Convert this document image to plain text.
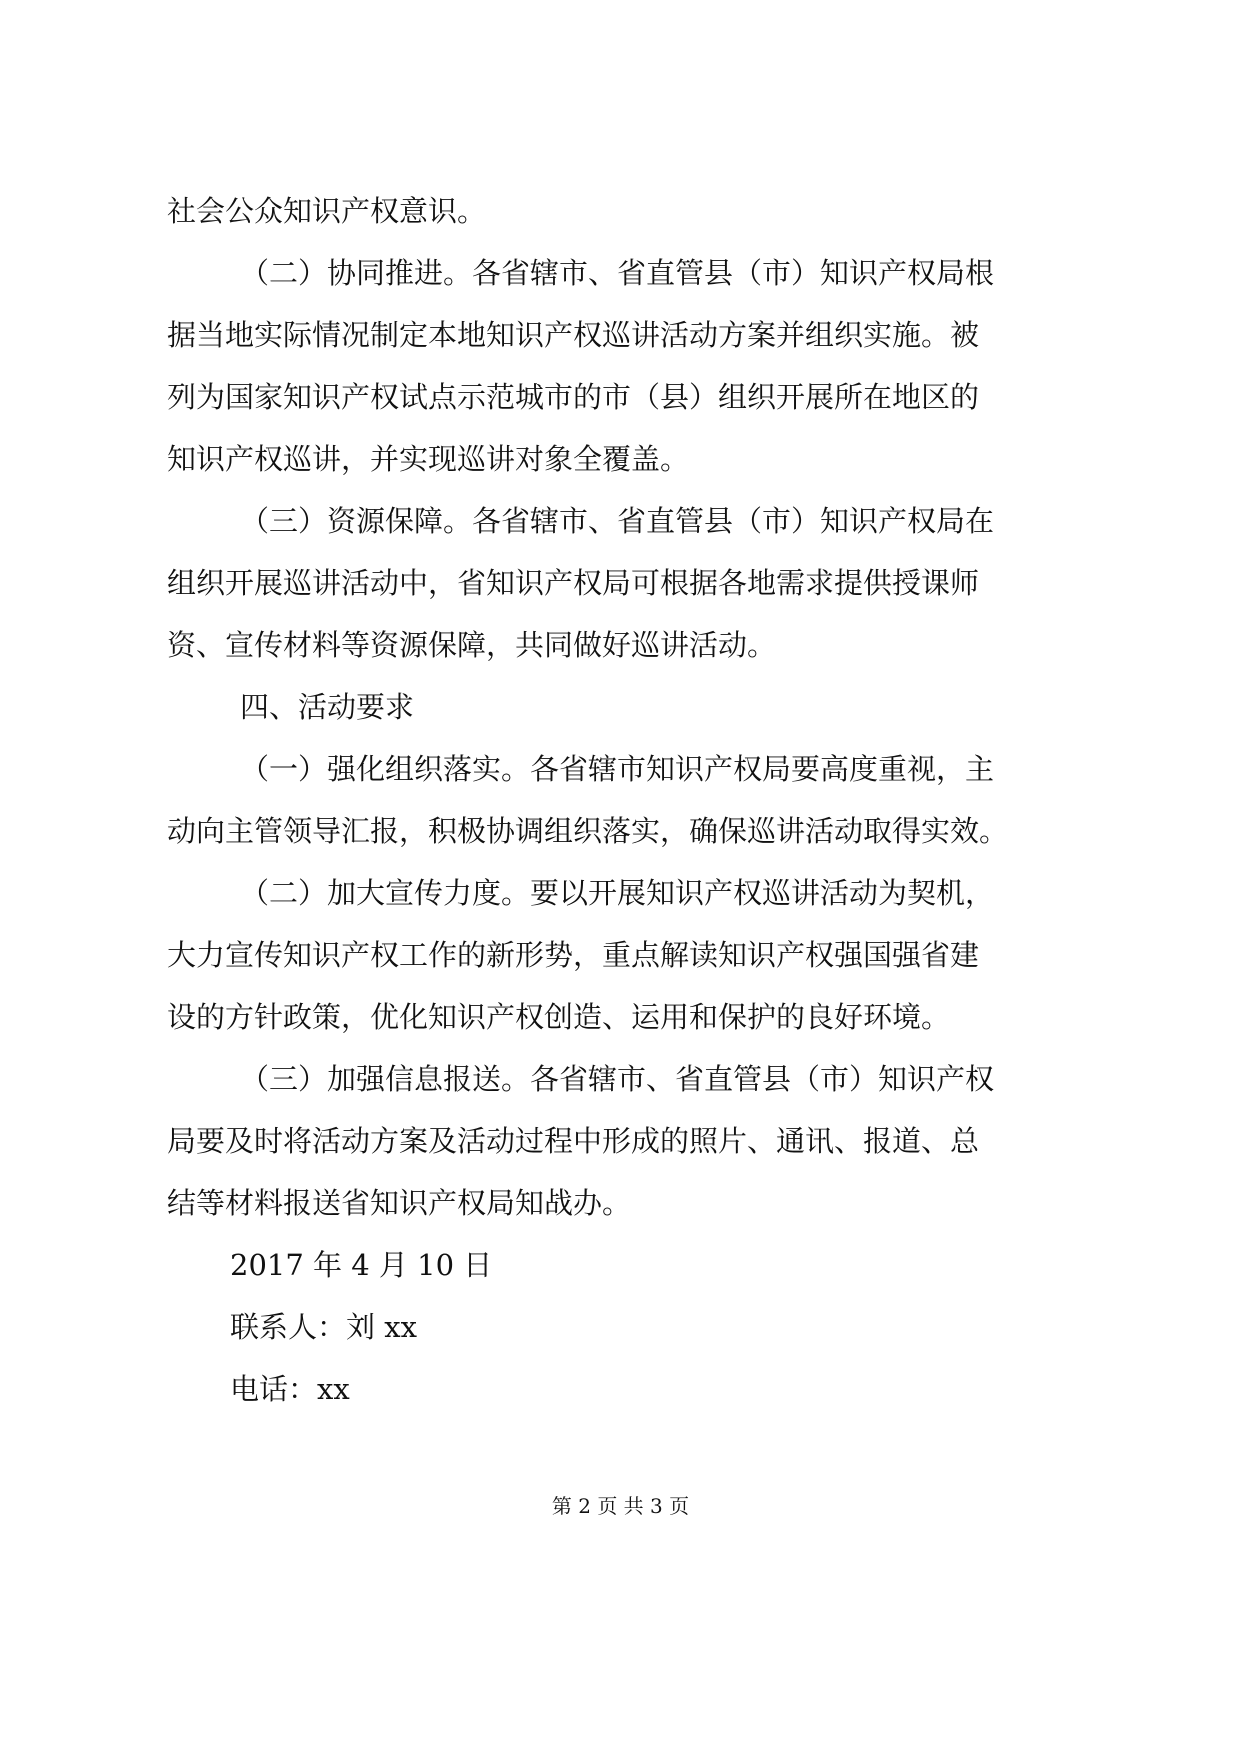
社会公众知识产权意识。
（二）协同推进。各省辖市、省直管县（市）知识产权局根
据当地实际情况制定本地知识产权巡讲活动方案并组织实施。被
列为国家知识产权试点示范城市的市（县）组织开展所在地区的
知识产权巡讲，并实现巡讲对象全覆盖。
（三）资源保障。各省辖市、省直管县（市）知识产权局在
组织开展巡讲活动中，省知识产权局可根据各地需求提供授课师
资、宣传材料等资源保障，共同做好巡讲活动。
四、活动要求
（一）强化组织落实。各省辖市知识产权局要高度重视，主
动向主管领导汇报，积极协调组织落实，确保巡讲活动取得实效。
（二）加大宣传力度。要以开展知识产权巡讲活动为契机，
大力宣传知识产权工作的新形势，重点解读知识产权强国强省建
设的方针政策，优化知识产权创造、运用和保护的良好环境。
（三）加强信息报送。各省辖市、省直管县（市）知识产权
局要及时将活动方案及活动过程中形成的照片、通讯、报道、总
结等材料报送省知识产权局知战办。
2017 年 4 月 10 日
联系人：刘 xx
电话：xx
第 2 页 共 3 页
